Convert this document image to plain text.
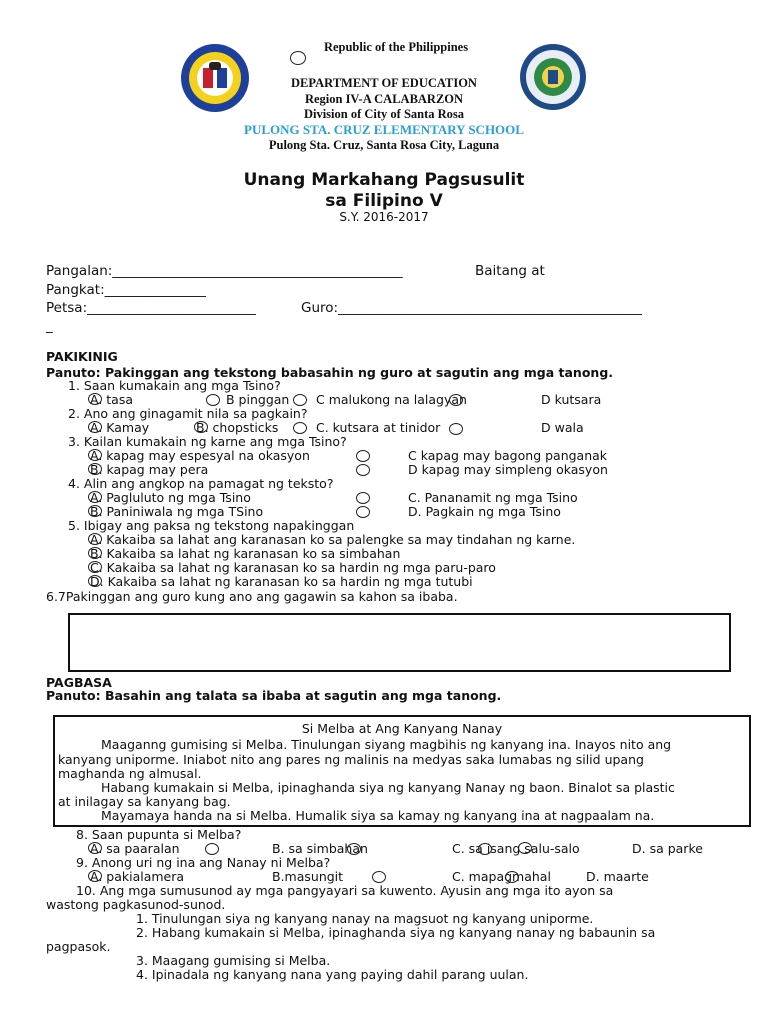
Republic of the Philippines
DEPARTMENT OF EDUCATION
Region IV-A CALABARZON
Division of City of Santa Rosa
PULONG STA. CRUZ ELEMENTARY SCHOOL
Pulong Sta. Cruz, Santa Rosa City, Laguna
Unang Markahang Pagsusulit
sa Filipino V
S.Y. 2016-2017
Pangalan:___________________________________________	Baitang at
Pangkat:_______________
Petsa:_________________________	Guro:_____________________________________________
_
PAKIKINIG
Panuto: Pakinggan ang tekstong babasahin ng guro at sagutin ang mga tanong.
1. Saan kumakain ang mga Tsino?
A. tasa	B pinggan C malukong na lalagyan	D kutsara
2. Ano ang ginagamit nila sa pagkain?
A. Kamay	B. chopsticks	C. kutsara at tinidor	D wala
3. Kailan kumakain ng karne ang mga Tsino?
A. kapag may espesyal na okasyon	C kapag may bagong panganak
B. kapag may pera	D kapag may simpleng okasyon
4. Alin ang angkop na pamagat ng teksto?
A. Pagluluto ng mga Tsino	C. Pananamit ng mga Tsino
B. Paniniwala ng mga TSino	D. Pagkain ng mga Tsino
5. Ibigay ang paksa ng tekstong napakinggan
A. Kakaiba sa lahat ang karanasan ko sa palengke sa may tindahan ng karne.
B. Kakaiba sa lahat ng karanasan ko sa simbahan
C. Kakaiba sa lahat ng karanasan ko sa hardin ng mga paru-paro
D. Kakaiba sa lahat ng karanasan ko sa hardin ng mga tutubi
6.7Pakinggan ang guro kung ano ang gagawin sa kahon sa ibaba.
PAGBASA
Panuto: Basahin ang talata sa ibaba at sagutin ang mga tanong.
Si Melba at Ang Kanyang Nanay
Maaganng gumising si Melba. Tinulungan siyang magbihis ng kanyang ina. Inayos nito ang
kanyang uniporme. Iniabot nito ang pares ng malinis na medyas saka lumabas ng silid upang
maghanda ng almusal.
Habang kumakain si Melba, ipinaghanda siya ng kanyang Nanay ng baon. Binalot sa plastic
at inilagay sa kanyang bag.
Mayamaya handa na si Melba. Humalik siya sa kamay ng kanyang ina at nagpaalam na.
8. Saan pupunta si Melba?
A. sa paaralan	B. sa simbahan	C. sa isang salu-salo	D. sa parke
9. Anong uri ng ina ang Nanay ni Melba?
A. pakialamera	B.masungit	C. mapagmahal	D. maarte
10. Ang mga sumusunod ay mga pangyayari sa kuwento. Ayusin ang mga ito ayon sa
wastong pagkasunod-sunod.
1. Tinulungan siya ng kanyang nanay na magsuot ng kanyang uniporme.
2. Habang kumakain si Melba, ipinaghanda siya ng kanyang nanay ng babaunin sa
pagpasok.
3. Maagang gumising si Melba.
4. Ipinadala ng kanyang nana yang paying dahil parang uulan.
